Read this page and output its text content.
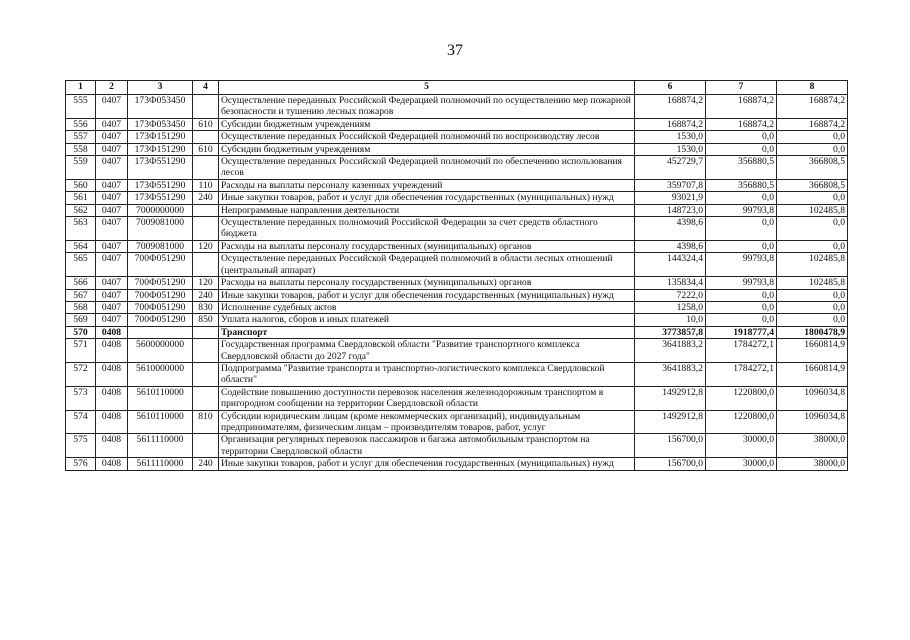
37
1	2	3	4	5	6	7	8
555	0407	173Ф053450		Осуществление переданных Российской Федерацией полномочий по осуществлению мер пожарной безопасности и тушению лесных пожаров	168874,2	168874,2	168874,2
556	0407	173Ф053450	610	Субсидии бюджетным учреждениям	168874,2	168874,2	168874,2
557	0407	173Ф151290		Осуществление переданных Российской Федерацией полномочий по воспроизводству лесов	1530,0	0,0	0,0
558	0407	173Ф151290	610	Субсидии бюджетным учреждениям	1530,0	0,0	0,0
559	0407	173Ф551290		Осуществление переданных Российской Федерацией полномочий по обеспечению использования лесов	452729,7	356880,5	366808,5
560	0407	173Ф551290	110	Расходы на выплаты персоналу казенных учреждений	359707,8	356880,5	366808,5
561	0407	173Ф551290	240	Иные закупки товаров, работ и услуг для обеспечения государственных (муниципальных) нужд	93021,9	0,0	0,0
562	0407	7000000000		Непрограммные направления деятельности	148723,0	99793,8	102485,8
563	0407	7009081000		Осуществление переданных полномочий Российской Федерации за счет средств областного бюджета	4398,6	0,0	0,0
564	0407	7009081000	120	Расходы на выплаты персоналу государственных (муниципальных) органов	4398,6	0,0	0,0
565	0407	700Ф051290		Осуществление переданных Российской Федерацией полномочий в области лесных отношений (центральный аппарат)	144324,4	99793,8	102485,8
566	0407	700Ф051290	120	Расходы на выплаты персоналу государственных (муниципальных) органов	135834,4	99793,8	102485,8
567	0407	700Ф051290	240	Иные закупки товаров, работ и услуг для обеспечения государственных (муниципальных) нужд	7222,0	0,0	0,0
568	0407	700Ф051290	830	Исполнение судебных актов	1258,0	0,0	0,0
569	0407	700Ф051290	850	Уплата налогов, сборов и иных платежей	10,0	0,0	0,0
570	0408			Транспорт	3773857,8	1918777,4	1800478,9
571	0408	5600000000		Государственная программа Свердловской области "Развитие транспортного комплекса Свердловской области до 2027 года"	3641883,2	1784272,1	1660814,9
572	0408	5610000000		Подпрограмма "Развитие транспорта и транспортно-логистического комплекса Свердловской области"	3641883,2	1784272,1	1660814,9
573	0408	5610110000		Содействие повышению доступности перевозок населения железнодорожным транспортом в пригородном сообщении на территории Свердловской области	1492912,8	1220800,0	1096034,8
574	0408	5610110000	810	Субсидии юридическим лицам (кроме некоммерческих организаций), индивидуальным предпринимателям, физическим лицам – производителям товаров, работ, услуг	1492912,8	1220800,0	1096034,8
575	0408	5611110000		Организация регулярных перевозок пассажиров и багажа автомобильным транспортом на территории Свердловской области	156700,0	30000,0	38000,0
576	0408	5611110000	240	Иные закупки товаров, работ и услуг для обеспечения государственных (муниципальных) нужд	156700,0	30000,0	38000,0
